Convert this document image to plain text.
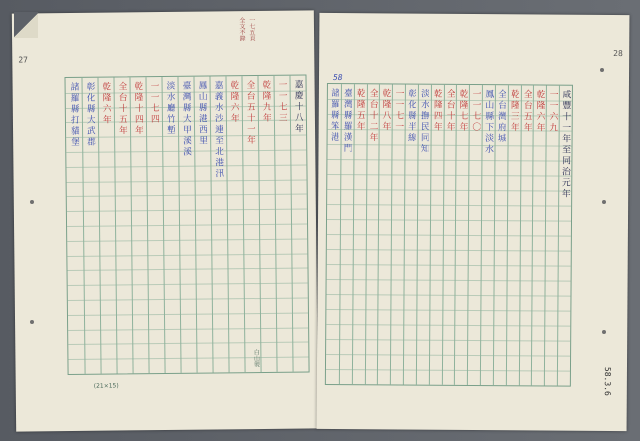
27
一七五頁
全文不錄
嘉慶十八年
一一七三
乾隆九年
全台五十一年
乾隆六年
嘉義水沙連至北港汛
鳳山縣港西里
臺灣縣大甲溪溪
淡水廳竹塹
一一七四
乾隆十四年
全台十五年
乾隆六年
彰化縣大武郡
諸羅縣打貓堡
(21×15)
白山製
28
58
咸豐十一年至同治元年
一一六九
乾隆六年
全台五年
乾隆三年
全台灣府城
鳳山縣下淡水
一一七〇
乾隆七年
全台十年
乾隆四年
淡水撫民同知
彰化縣半線
一一七一
乾隆八年
全台十二年
乾隆五年
臺灣縣羅漢門
諸羅縣笨港
58.3.6
